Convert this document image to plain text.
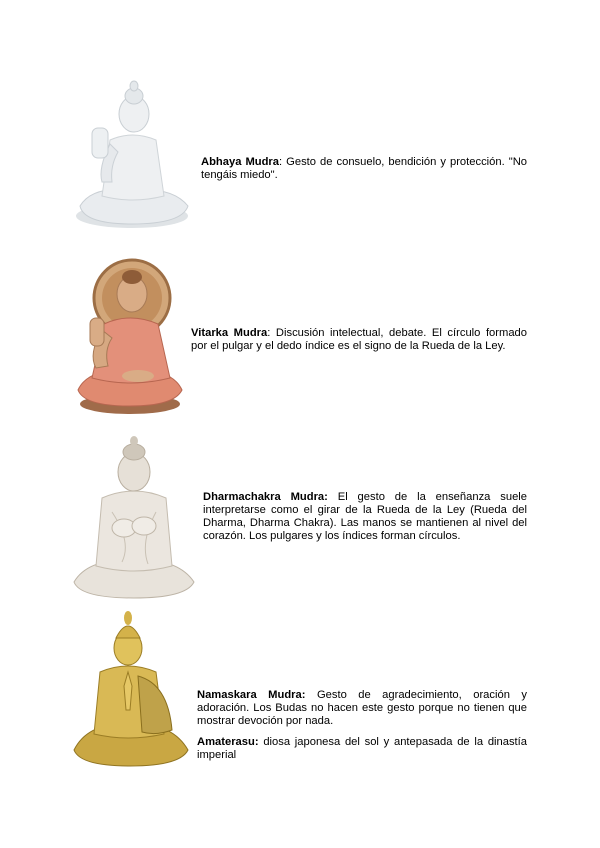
Abhaya Mudra: Gesto de consuelo, bendición y protección. "No tengáis miedo".
Vitarka Mudra: Discusión intelectual, debate. El círculo formado por el pulgar y el dedo índice es el signo de la Rueda de la Ley.
Dharmachakra Mudra: El gesto de la enseñanza suele interpretarse como el girar de la Rueda de la Ley (Rueda del Dharma, Dharma Chakra). Las manos se mantienen al nivel del corazón. Los pulgares y los índices forman círculos.
Namaskara Mudra: Gesto de agradecimiento, oración y adoración. Los Budas no hacen este gesto porque no tienen que mostrar devoción por nada.
Amaterasu: diosa japonesa del sol y antepasada de la dinastía imperial
